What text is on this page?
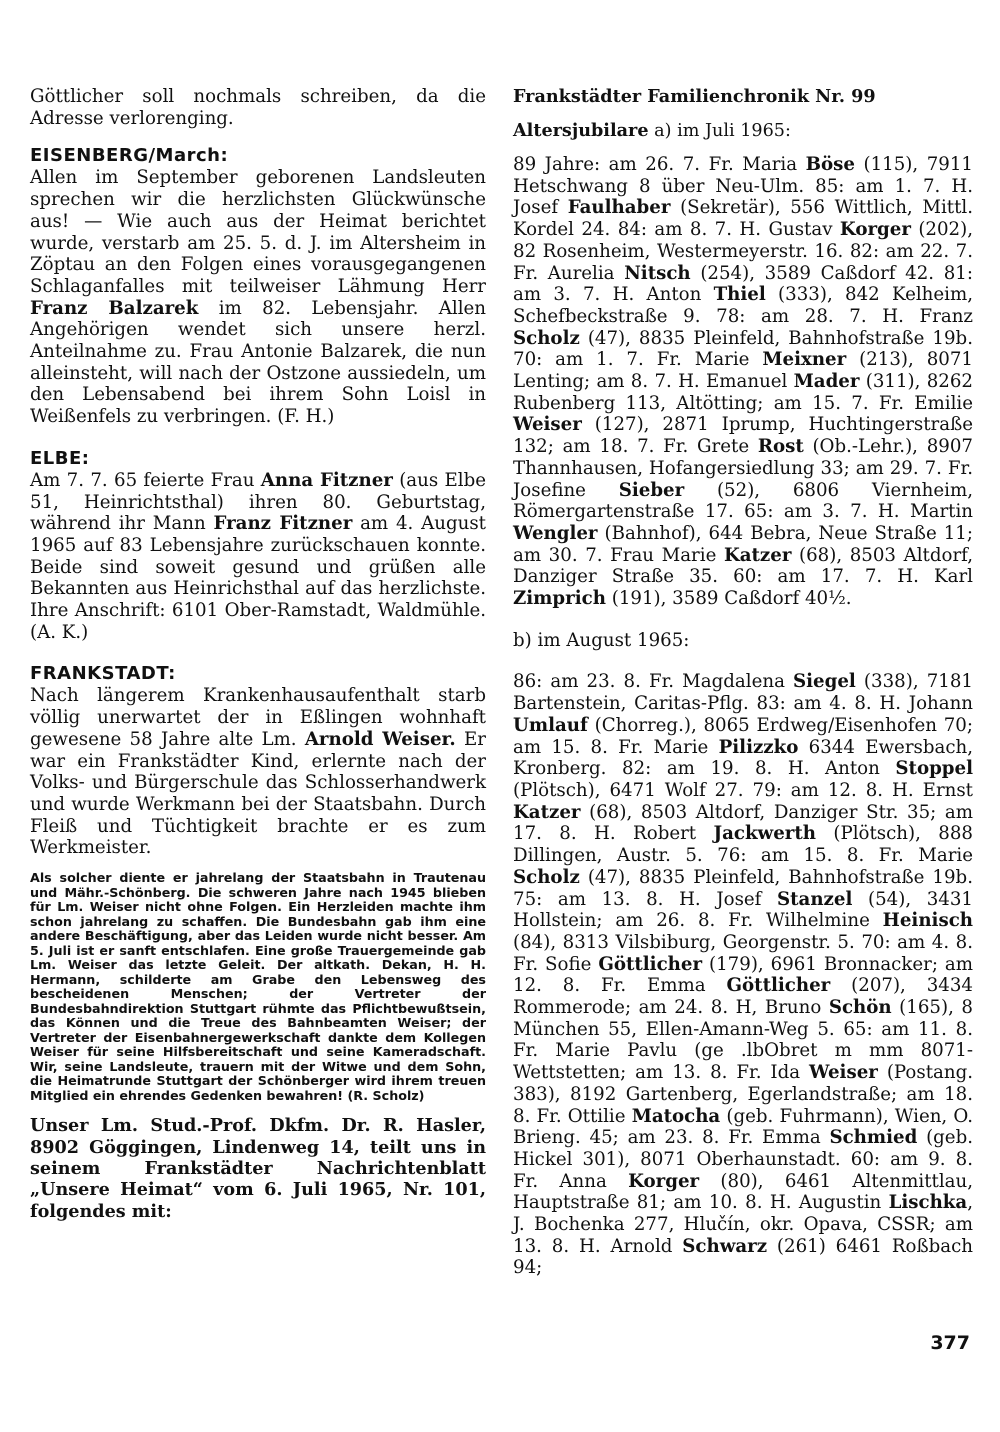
Göttlicher soll nochmals schreiben, da die Adresse verlorenging.

EISENBERG/March:

Allen im September geborenen Landsleuten sprechen wir die herzlichsten Glückwünsche aus! — Wie auch aus der Heimat berichtet wurde, verstarb am 25. 5. d. J. im Altersheim in Zöptau an den Folgen eines vorausgegangenen Schlaganfalles mit teilweiser Lähmung Herr Franz Balzarek im 82. Lebensjahr. Allen Angehörigen wendet sich unsere herzl. Anteilnahme zu. Frau Antonie Balzarek, die nun alleinsteht, will nach der Ostzone aussiedeln, um den Lebensabend bei ihrem Sohn Loisl in Weißenfels zu verbringen. (F. H.)

ELBE:

Am 7. 7. 65 feierte Frau Anna Fitzner (aus Elbe 51, Heinrichtsthal) ihren 80. Geburtstag, während ihr Mann Franz Fitzner am 4. August 1965 auf 83 Lebensjahre zurückschauen konnte. Beide sind soweit gesund und grüßen alle Bekannten aus Heinrichsthal auf das herzlichste. Ihre Anschrift: 6101 Ober-Ramstadt, Waldmühle. (A. K.)

FRANKSTADT:

Nach längerem Krankenhausaufenthalt starb völlig unerwartet der in Eßlingen wohnhaft gewesene 58 Jahre alte Lm. Arnold Weiser. Er war ein Frankstädter Kind, erlernte nach der Volks- und Bürgerschule das Schlosserhandwerk und wurde Werkmann bei der Staatsbahn. Durch Fleiß und Tüchtigkeit brachte er es zum Werkmeister.

Als solcher diente er jahrelang der Staatsbahn in Trautenau und Mähr.-Schönberg. Die schweren Jahre nach 1945 blieben für Lm. Weiser nicht ohne Folgen. Ein Herzleiden machte ihm schon jahrelang zu schaffen. Die Bundesbahn gab ihm eine andere Beschäftigung, aber das Leiden wurde nicht besser. Am 5. Juli ist er sanft entschlafen. Eine große Trauergemeinde gab Lm. Weiser das letzte Geleit. Der altkath. Dekan, H. H. Hermann, schilderte am Grabe den Lebensweg des bescheidenen Menschen; der Vertreter der Bundesbahndirektion Stuttgart rühmte das Pflichtbewußtsein, das Können und die Treue des Bahnbeamten Weiser; der Vertreter der Eisenbahnergewerkschaft dankte dem Kollegen Weiser für seine Hilfsbereitschaft und seine Kameradschaft. Wir, seine Landsleute, trauern mit der Witwe und dem Sohn, die Heimatrunde Stuttgart der Schönberger wird ihrem treuen Mitglied ein ehrendes Gedenken bewahren! (R. Scholz)

Unser Lm. Stud.-Prof. Dkfm. Dr. R. Hasler, 8902 Göggingen, Lindenweg 14, teilt uns in seinem Frankstädter Nachrichtenblatt „Unsere Heimat“ vom 6. Juli 1965, Nr. 101, folgendes mit:

Frankstädter Familienchronik Nr. 99
Altersjubilare a) im Juli 1965:

89 Jahre: am 26. 7. Fr. Maria Böse (115), 7911 Hetschwang 8 über Neu-Ulm. 85: am 1. 7. H. Josef Faulhaber (Sekretär), 556 Wittlich, Mittl. Kordel 24. 84: am 8. 7. H. Gustav Korger (202), 82 Rosenheim, Westermeyerstr. 16. 82: am 22. 7. Fr. Aurelia Nitsch (254), 3589 Caßdorf 42. 81: am 3. 7. H. Anton Thiel (333), 842 Kelheim, Schefbeckstraße 9. 78: am 28. 7. H. Franz Scholz (47), 8835 Pleinfeld, Bahnhofstraße 19b. 70: am 1. 7. Fr. Marie Meixner (213), 8071 Lenting; am 8. 7. H. Emanuel Mader (311), 8262 Rubenberg 113, Altötting; am 15. 7. Fr. Emilie Weiser (127), 2871 Iprump, Huchtingerstraße 132; am 18. 7. Fr. Grete Rost (Ob.-Lehr.), 8907 Thannhausen, Hofangersiedlung 33; am 29. 7. Fr. Josefine Sieber (52), 6806 Viernheim, Römergartenstraße 17. 65: am 3. 7. H. Martin Wengler (Bahnhof), 644 Bebra, Neue Straße 11; am 30. 7. Frau Marie Katzer (68), 8503 Altdorf, Danziger Straße 35. 60: am 17. 7. H. Karl Zimprich (191), 3589 Caßdorf 40½.

b) im August 1965:

86: am 23. 8. Fr. Magdalena Siegel (338), 7181 Bartenstein, Caritas-Pflg. 83: am 4. 8. H. Johann Umlauf (Chorreg.), 8065 Erdweg/Eisenhofen 70; am 15. 8. Fr. Marie Pilizzko 6344 Ewersbach, Kronberg. 82: am 19. 8. H. Anton Stoppel (Plötsch), 6471 Wolf 27. 79: am 12. 8. H. Ernst Katzer (68), 8503 Altdorf, Danziger Str. 35; am 17. 8. H. Robert Jackwerth (Plötsch), 888 Dillingen, Austr. 5. 76: am 15. 8. Fr. Marie Scholz (47), 8835 Pleinfeld, Bahnhofstraße 19b. 75: am 13. 8. H. Josef Stanzel (54), 3431 Hollstein; am 26. 8. Fr. Wilhelmine Heinisch (84), 8313 Vilsbiburg, Georgenstr. 5. 70: am 4. 8. Fr. Sofie Göttlicher (179), 6961 Bronnacker; am 12. 8. Fr. Emma Göttlicher (207), 3434 Rommerode; am 24. 8. H, Bruno Schön (165), 8 München 55, Ellen-Amann-Weg 5. 65: am 11. 8. Fr. Marie Pavlu (ge .lbObret m mm 8071-Wettstetten; am 13. 8. Fr. Ida Weiser (Postang. 383), 8192 Gartenberg, Egerlandstraße; am 18. 8. Fr. Ottilie Matocha (geb. Fuhrmann), Wien, O. Brieng. 45; am 23. 8. Fr. Emma Schmied (geb. Hickel 301), 8071 Oberhaunstadt. 60: am 9. 8. Fr. Anna Korger (80), 6461 Altenmittlau, Hauptstraße 81; am 10. 8. H. Augustin Lischka, J. Bochenka 277, Hlučín, okr. Opava, CSSR; am 13. 8. H. Arnold Schwarz (261) 6461 Roßbach 94;

377
